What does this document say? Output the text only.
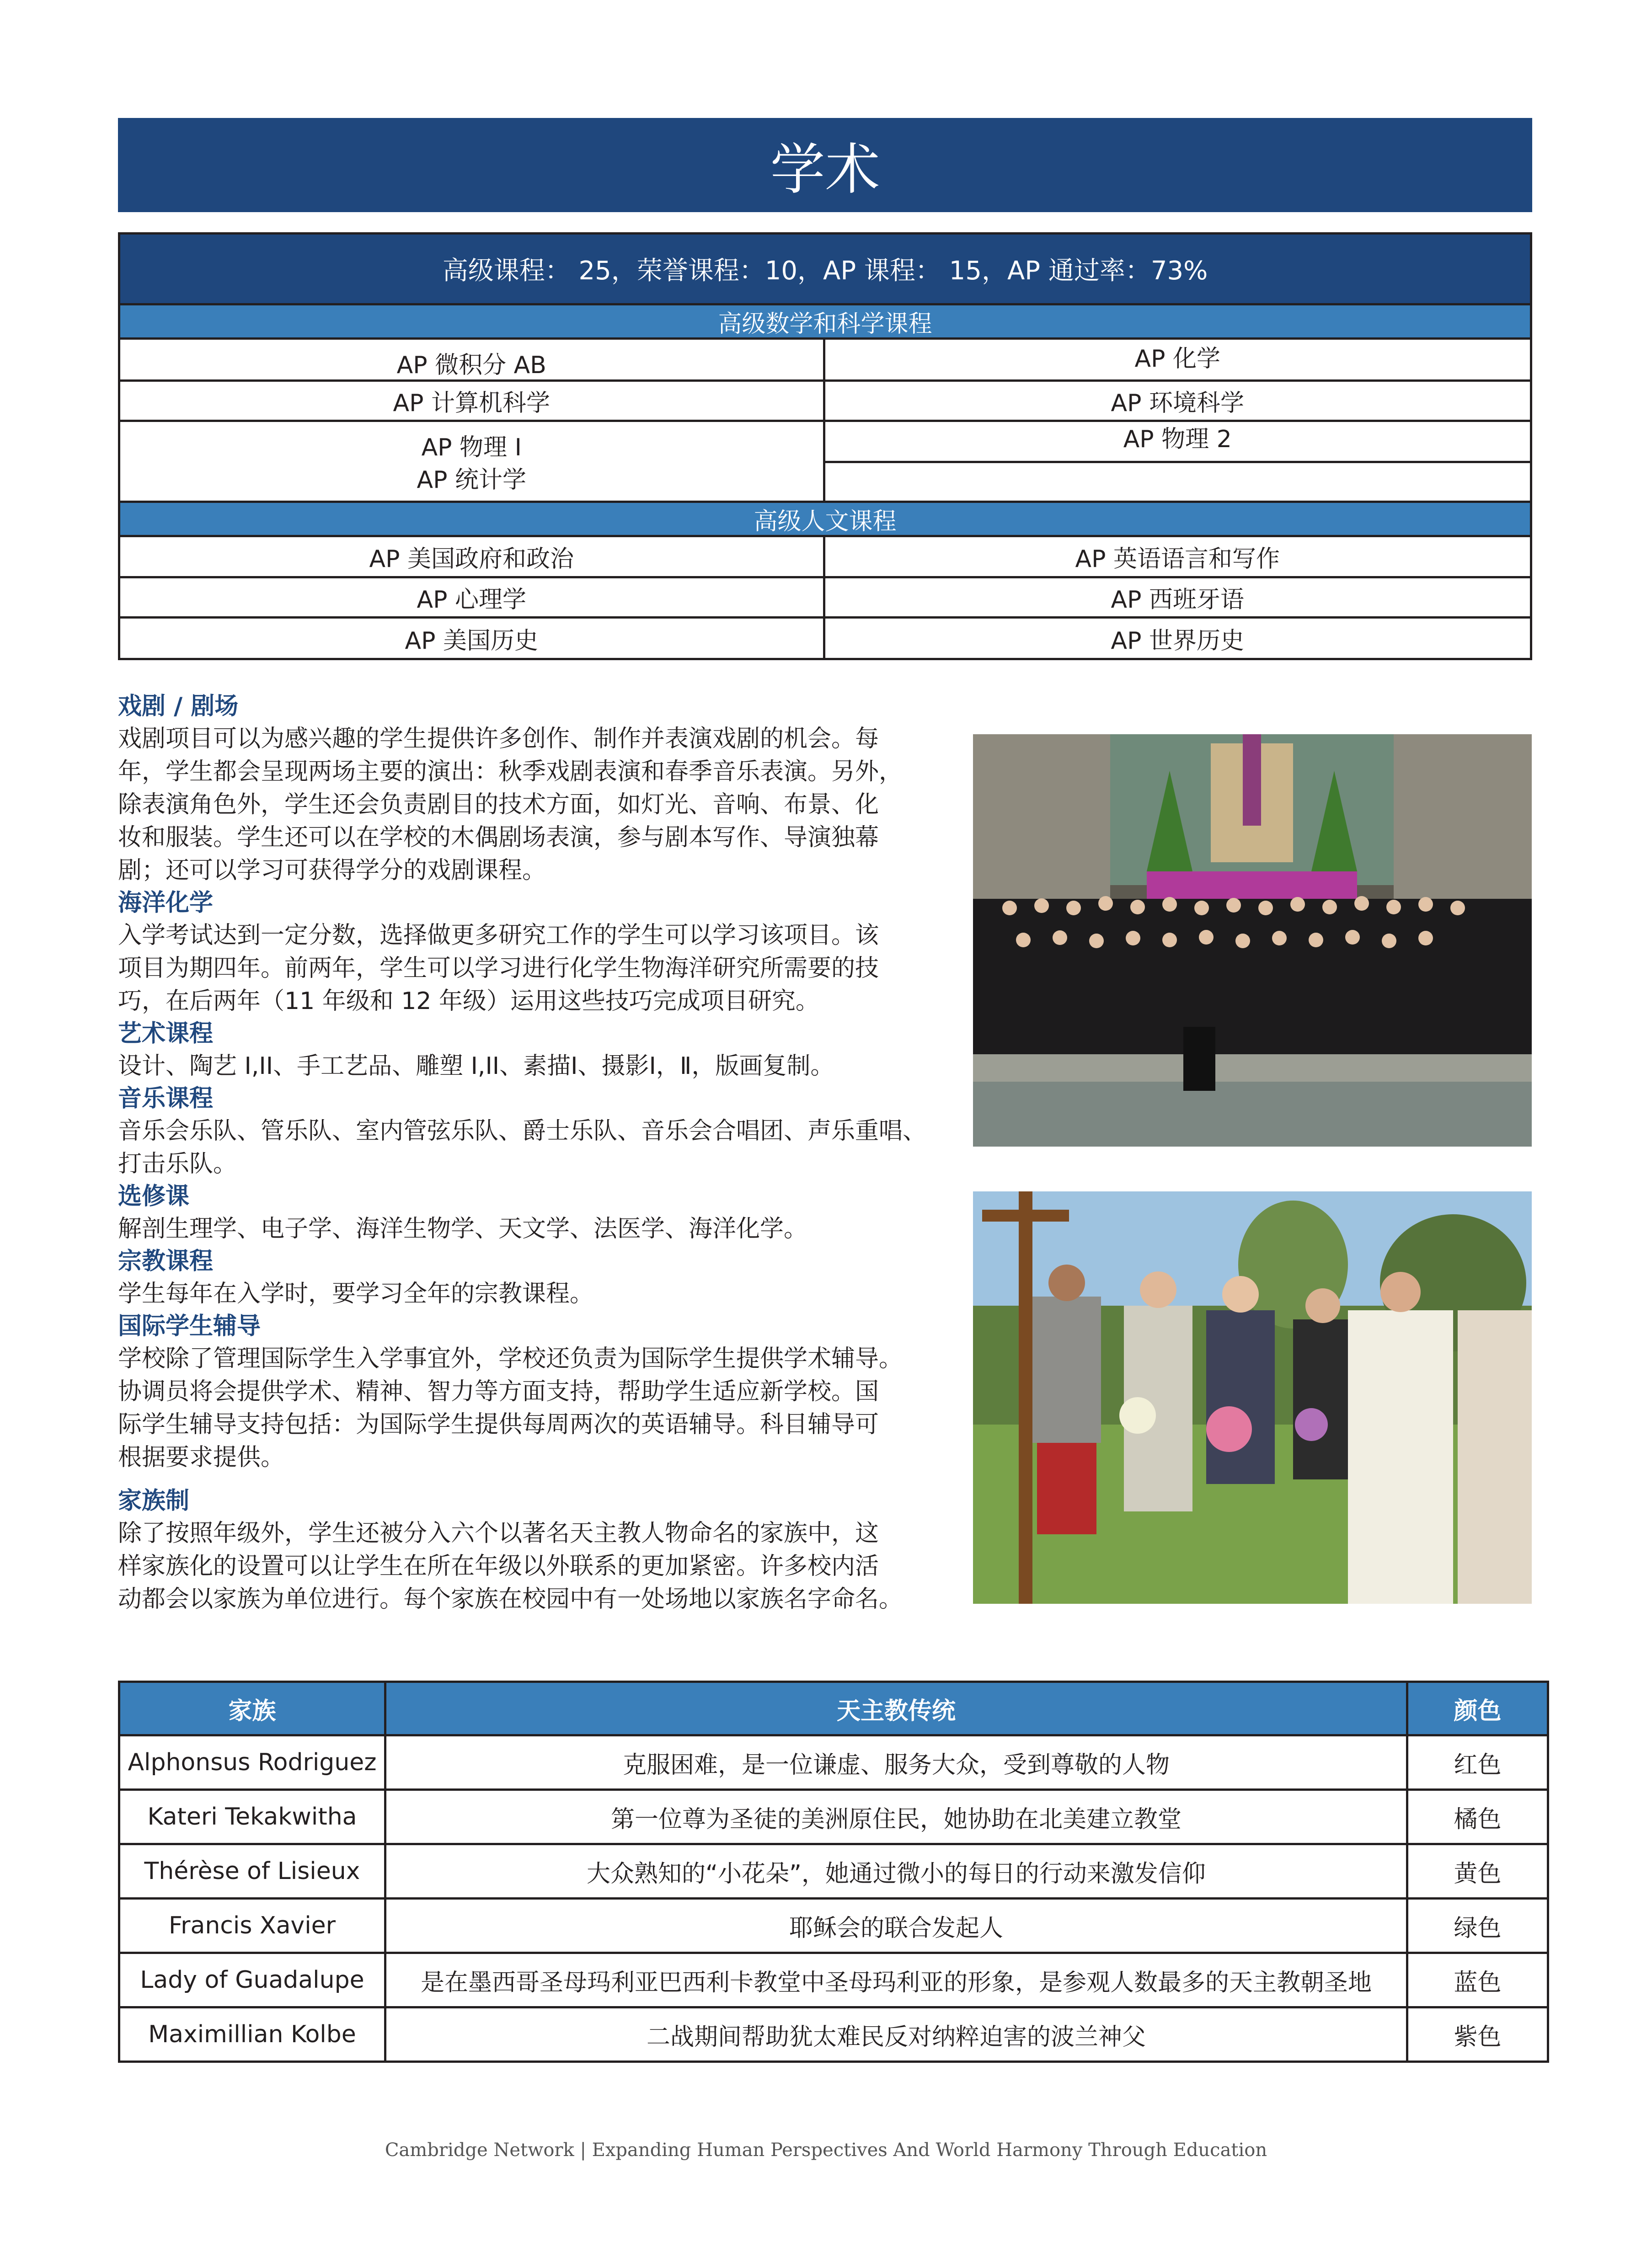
学术
高级课程： 25，荣誉课程：10，AP 课程： 15，AP 通过率：73%
高级数学和科学课程
AP 微积分 AB	AP 化学
AP 计算机科学	AP 环境科学
AP 物理 I	AP 物理 2
AP 统计学
高级人文课程
AP 美国政府和政治	AP 英语语言和写作
AP 心理学	AP 西班牙语
AP 美国历史	AP 世界历史
戏剧 / 剧场

戏剧项目可以为感兴趣的学生提供许多创作、制作并表演戏剧的机会。每

年，学生都会呈现两场主要的演出：秋季戏剧表演和春季音乐表演。另外，

除表演角色外，学生还会负责剧目的技术方面，如灯光、音响、布景、化

妆和服装。学生还可以在学校的木偶剧场表演，参与剧本写作、导演独幕

剧；还可以学习可获得学分的戏剧课程。

海洋化学

入学考试达到一定分数，选择做更多研究工作的学生可以学习该项目。该

项目为期四年。前两年，学生可以学习进行化学生物海洋研究所需要的技

巧，在后两年（11 年级和 12 年级）运用这些技巧完成项目研究。

艺术课程

设计、陶艺 I,II、手工艺品、雕塑 I,II、素描Ⅰ、摄影Ⅰ，Ⅱ，版画复制。

音乐课程

音乐会乐队、管乐队、室内管弦乐队、爵士乐队、音乐会合唱团、声乐重唱、

打击乐队。

选修课

解剖生理学、电子学、海洋生物学、天文学、法医学、海洋化学。

宗教课程

学生每年在入学时，要学习全年的宗教课程。

国际学生辅导

学校除了管理国际学生入学事宜外，学校还负责为国际学生提供学术辅导。

协调员将会提供学术、精神、智力等方面支持，帮助学生适应新学校。国

际学生辅导支持包括：为国际学生提供每周两次的英语辅导。科目辅导可

根据要求提供。

家族制

除了按照年级外，学生还被分入六个以著名天主教人物命名的家族中，这

样家族化的设置可以让学生在所在年级以外联系的更加紧密。许多校内活

动都会以家族为单位进行。每个家族在校园中有一处场地以家族名字命名。

家族	天主教传统	颜色
Alphonsus Rodriguez	克服困难，是一位谦虚、服务大众，受到尊敬的人物	红色
Kateri Tekakwitha	第一位尊为圣徒的美洲原住民，她协助在北美建立教堂	橘色
Thérèse of Lisieux	大众熟知的“小花朵”，她通过微小的每日的行动来激发信仰	黄色
Francis Xavier	耶稣会的联合发起人	绿色
Lady of Guadalupe	是在墨西哥圣母玛利亚巴西利卡教堂中圣母玛利亚的形象，是参观人数最多的天主教朝圣地	蓝色
Maximillian Kolbe	二战期间帮助犹太难民反对纳粹迫害的波兰神父	紫色
Cambridge Network | Expanding Human Perspectives And World Harmony Through Education
